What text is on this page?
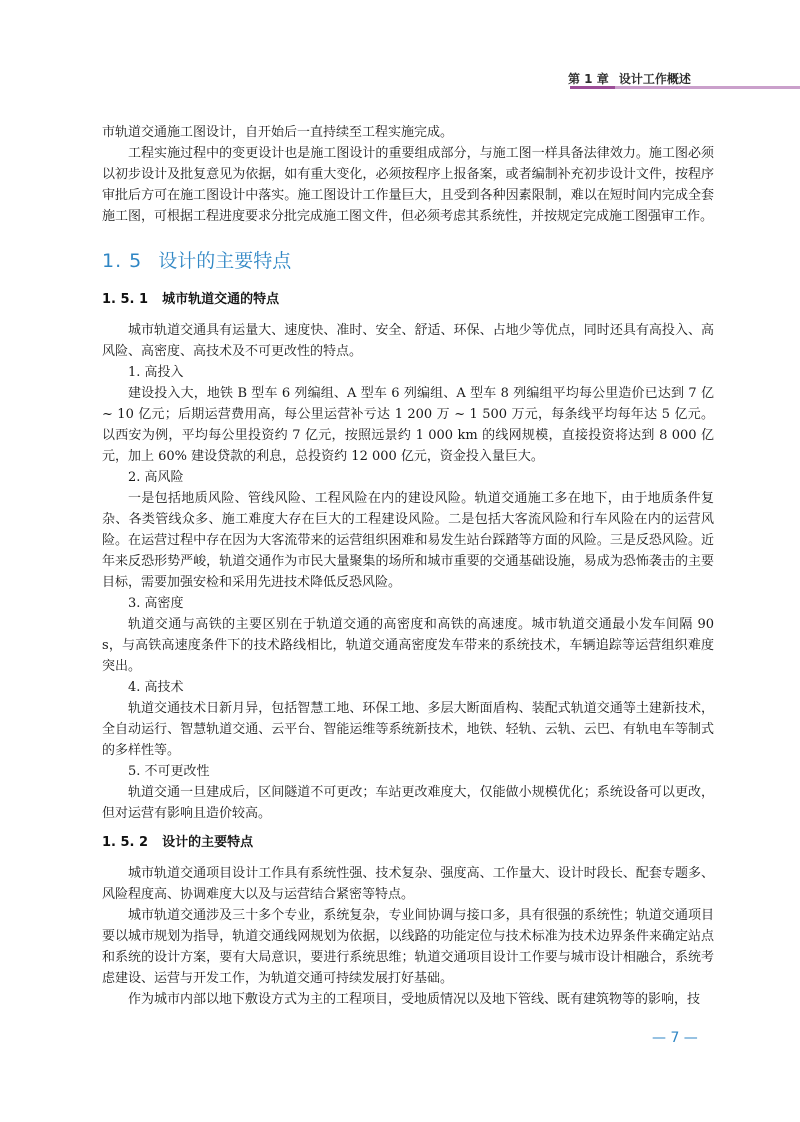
第 1 章 设计工作概述

市轨道交通施工图设计，自开始后一直持续至工程实施完成。

工程实施过程中的变更设计也是施工图设计的重要组成部分，与施工图一样具备法律效力。施工图必须以初步设计及批复意见为依据，如有重大变化，必须按程序上报备案，或者编制补充初步设计文件，按程序审批后方可在施工图设计中落实。施工图设计工作量巨大，且受到各种因素限制，难以在短时间内完成全套施工图，可根据工程进度要求分批完成施工图文件，但必须考虑其系统性，并按规定完成施工图强审工作。

1. 5 设计的主要特点
1. 5. 1 城市轨道交通的特点

城市轨道交通具有运量大、速度快、准时、安全、舒适、环保、占地少等优点，同时还具有高投入、高风险、高密度、高技术及不可更改性的特点。

1. 高投入

建设投入大，地铁 B 型车 6 列编组、A 型车 6 列编组、A 型车 8 列编组平均每公里造价已达到 7 亿 ~ 10 亿元；后期运营费用高，每公里运营补亏达 1 200 万 ~ 1 500 万元，每条线平均每年达 5 亿元。以西安为例，平均每公里投资约 7 亿元，按照远景约 1 000 km 的线网规模，直接投资将达到 8 000 亿元，加上 60% 建设贷款的利息，总投资约 12 000 亿元，资金投入量巨大。

2. 高风险

一是包括地质风险、管线风险、工程风险在内的建设风险。轨道交通施工多在地下，由于地质条件复杂、各类管线众多、施工难度大存在巨大的工程建设风险。二是包括大客流风险和行车风险在内的运营风险。在运营过程中存在因为大客流带来的运营组织困难和易发生站台踩踏等方面的风险。三是反恐风险。近年来反恐形势严峻，轨道交通作为市民大量聚集的场所和城市重要的交通基础设施，易成为恐怖袭击的主要目标，需要加强安检和采用先进技术降低反恐风险。

3. 高密度

轨道交通与高铁的主要区别在于轨道交通的高密度和高铁的高速度。城市轨道交通最小发车间隔 90 s，与高铁高速度条件下的技术路线相比，轨道交通高密度发车带来的系统技术，车辆追踪等运营组织难度突出。

4. 高技术

轨道交通技术日新月异，包括智慧工地、环保工地、多层大断面盾构、装配式轨道交通等土建新技术，全自动运行、智慧轨道交通、云平台、智能运维等系统新技术，地铁、轻轨、云轨、云巴、有轨电车等制式的多样性等。

5. 不可更改性

轨道交通一旦建成后，区间隧道不可更改；车站更改难度大，仅能做小规模优化；系统设备可以更改，但对运营有影响且造价较高。

1. 5. 2 设计的主要特点

城市轨道交通项目设计工作具有系统性强、技术复杂、强度高、工作量大、设计时段长、配套专题多、风险程度高、协调难度大以及与运营结合紧密等特点。

城市轨道交通涉及三十多个专业，系统复杂，专业间协调与接口多，具有很强的系统性；轨道交通项目要以城市规划为指导，轨道交通线网规划为依据，以线路的功能定位与技术标准为技术边界条件来确定站点和系统的设计方案，要有大局意识，要进行系统思维；轨道交通项目设计工作要与城市设计相融合，系统考虑建设、运营与开发工作，为轨道交通可持续发展打好基础。

作为城市内部以地下敷设方式为主的工程项目，受地质情况以及地下管线、既有建筑物等的影响，技

— 7 —
